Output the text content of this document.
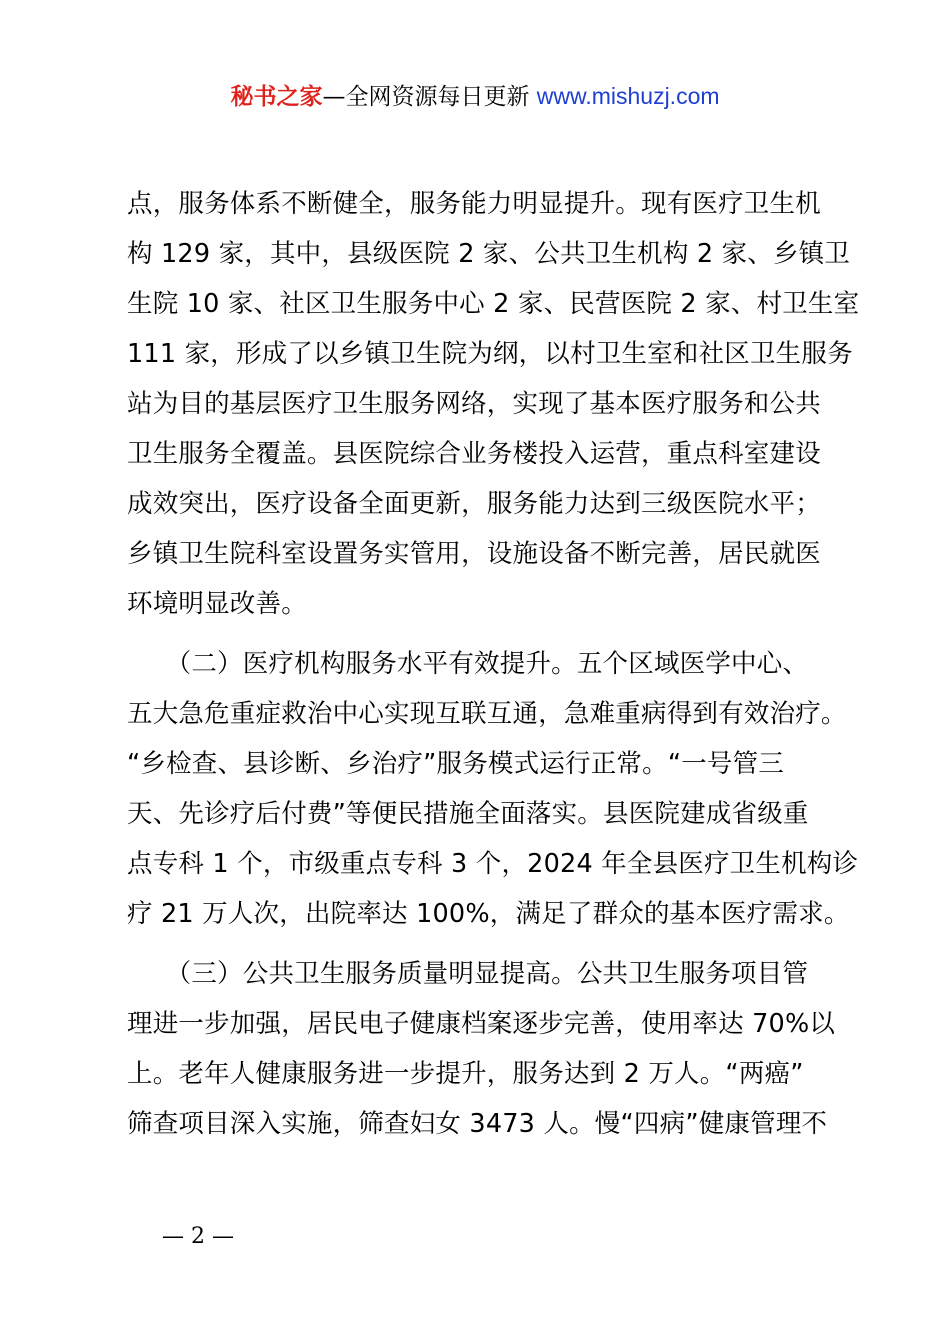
秘书之家—全网资源每日更新 www.mishuzj.com
点，服务体系不断健全，服务能力明显提升。现有医疗卫生机
构 129 家，其中，县级医院 2 家、公共卫生机构 2 家、乡镇卫
生院 10 家、社区卫生服务中心 2 家、民营医院 2 家、村卫生室
111 家，形成了以乡镇卫生院为纲，以村卫生室和社区卫生服务
站为目的基层医疗卫生服务网络，实现了基本医疗服务和公共
卫生服务全覆盖。县医院综合业务楼投入运营，重点科室建设
成效突出，医疗设备全面更新，服务能力达到三级医院水平；
乡镇卫生院科室设置务实管用，设施设备不断完善，居民就医
环境明显改善。
　　（二）医疗机构服务水平有效提升。五个区域医学中心、
五大急危重症救治中心实现互联互通，急难重病得到有效治疗。
“乡检查、县诊断、乡治疗”服务模式运行正常。“一号管三
天、先诊疗后付费”等便民措施全面落实。县医院建成省级重
点专科 1 个，市级重点专科 3 个，2024 年全县医疗卫生机构诊
疗 21 万人次，出院率达 100%，满足了群众的基本医疗需求。
　　（三）公共卫生服务质量明显提高。公共卫生服务项目管
理进一步加强，居民电子健康档案逐步完善，使用率达 70%以
上。老年人健康服务进一步提升，服务达到 2 万人。“两癌”
筛查项目深入实施，筛查妇女 3473 人。慢“四病”健康管理不
— 2 —
